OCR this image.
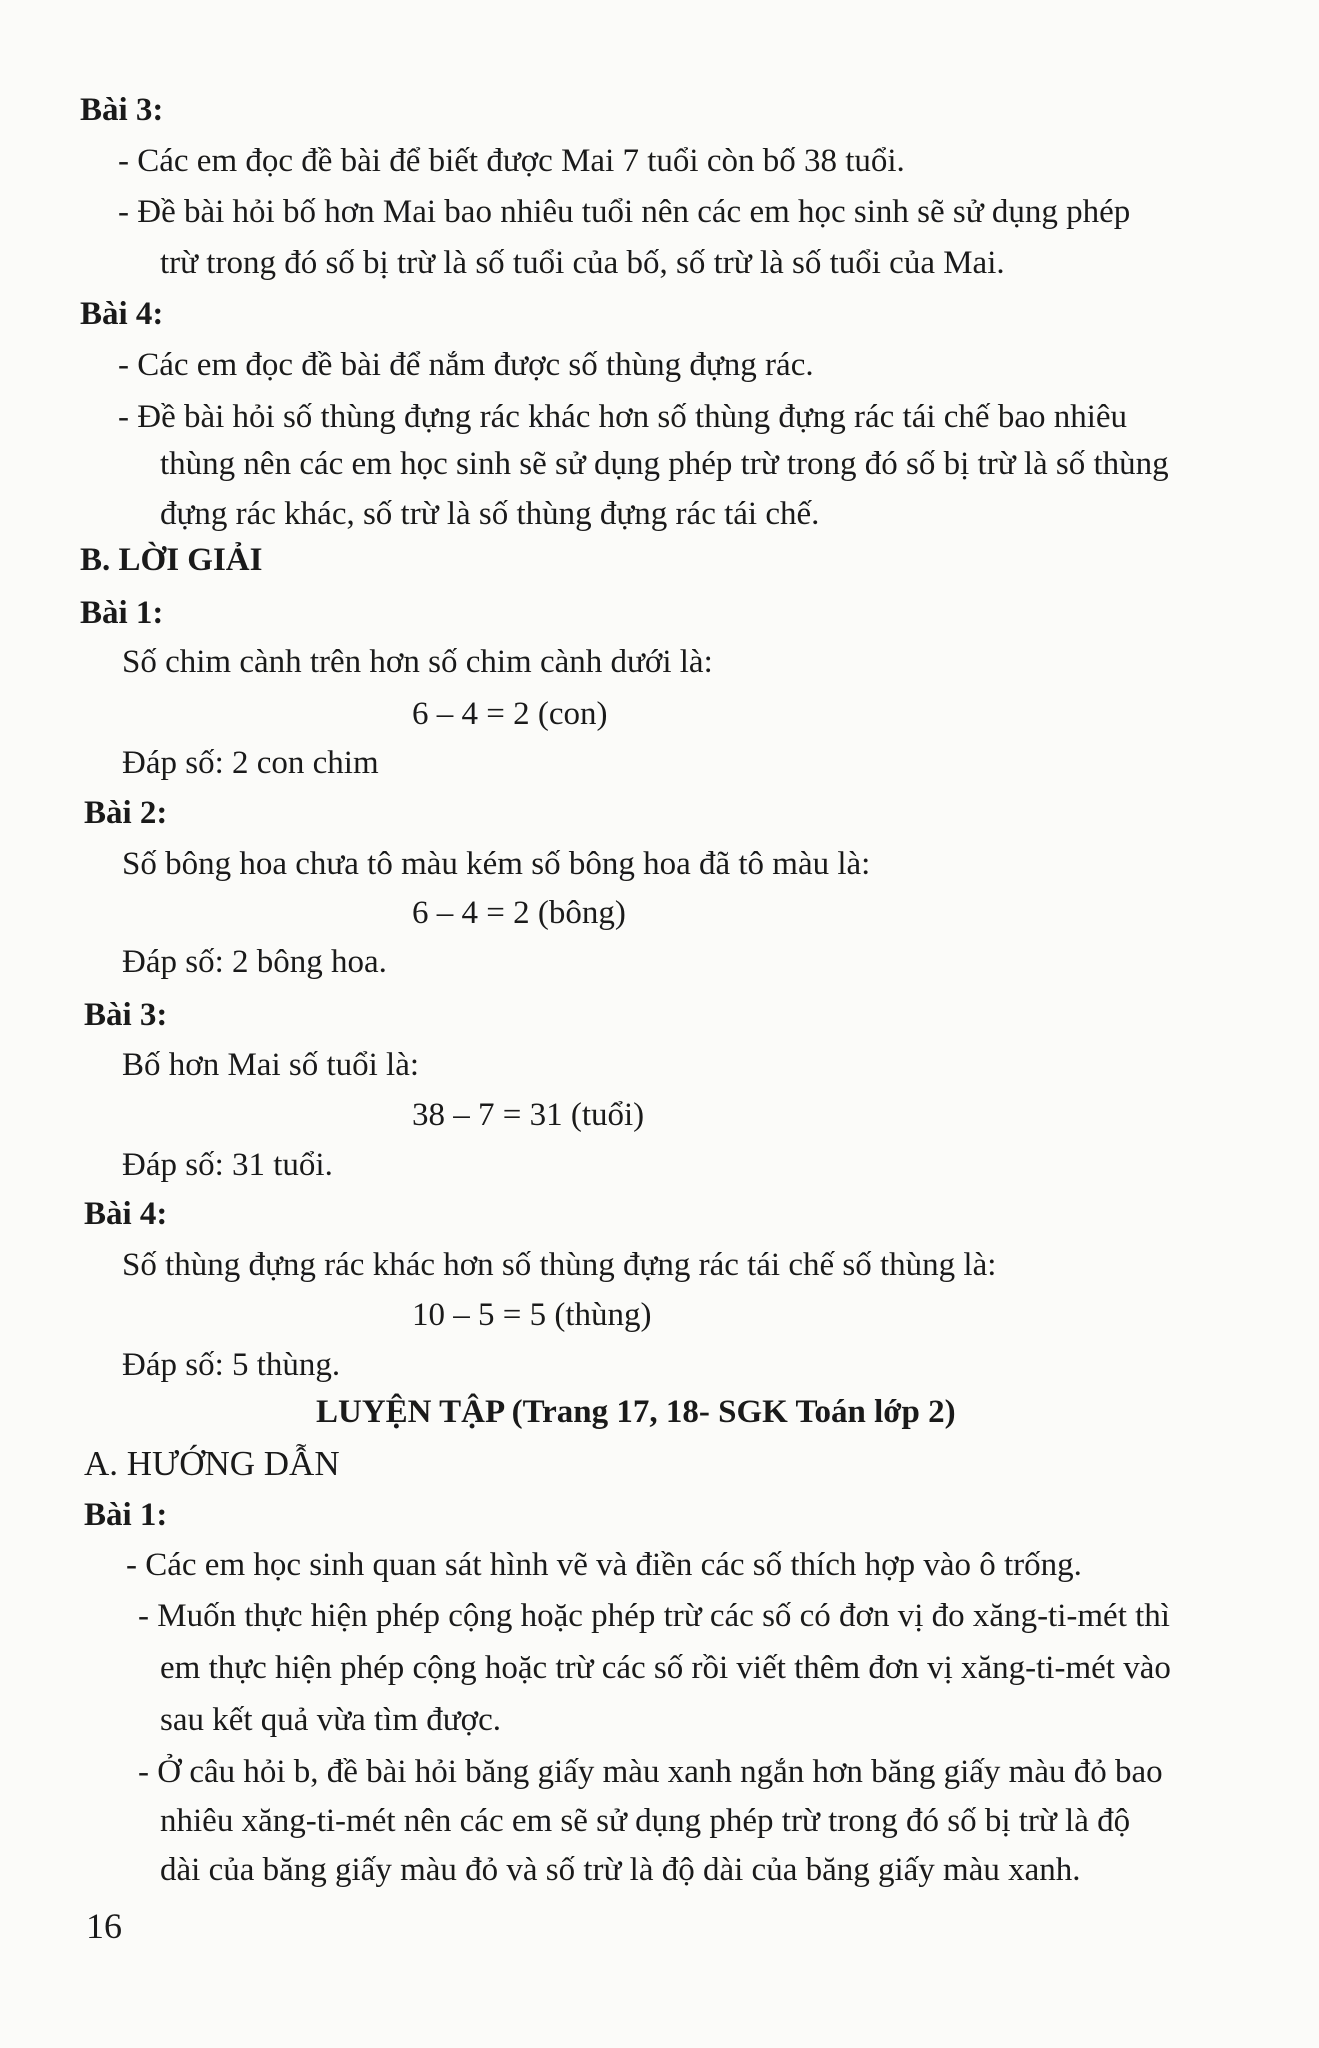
Bài 3:
- Các em đọc đề bài để biết được Mai 7 tuổi còn bố 38 tuổi.
- Đề bài hỏi bố hơn Mai bao nhiêu tuổi nên các em học sinh sẽ sử dụng phép
trừ trong đó số bị trừ là số tuổi của bố, số trừ là số tuổi của Mai.
Bài 4:
- Các em đọc đề bài để nắm được số thùng đựng rác.
- Đề bài hỏi số thùng đựng rác khác hơn số thùng đựng rác tái chế bao nhiêu
thùng nên các em học sinh sẽ sử dụng phép trừ trong đó số bị trừ là số thùng
đựng rác khác, số trừ là số thùng đựng rác tái chế.
B. LỜI GIẢI
Bài 1:
Số chim cành trên hơn số chim cành dưới là:
6 – 4 = 2 (con)
Đáp số: 2 con chim
Bài 2:
Số bông hoa chưa tô màu kém số bông hoa đã tô màu là:
6 – 4 = 2 (bông)
Đáp số: 2 bông hoa.
Bài 3:
Bố hơn Mai số tuổi là:
38 – 7 = 31 (tuổi)
Đáp số: 31 tuổi.
Bài 4:
Số thùng đựng rác khác hơn số thùng đựng rác tái chế số thùng là:
10 – 5 = 5 (thùng)
Đáp số: 5 thùng.
LUYỆN TẬP (Trang 17, 18- SGK Toán lớp 2)
A. HƯỚNG DẪN
Bài 1:
- Các em học sinh quan sát hình vẽ và điền các số thích hợp vào ô trống.
- Muốn thực hiện phép cộng hoặc phép trừ các số có đơn vị đo xăng-ti-mét thì
em thực hiện phép cộng hoặc trừ các số rồi viết thêm đơn vị xăng-ti-mét vào
sau kết quả vừa tìm được.
- Ở câu hỏi b, đề bài hỏi băng giấy màu xanh ngắn hơn băng giấy màu đỏ bao
nhiêu xăng-ti-mét nên các em sẽ sử dụng phép trừ trong đó số bị trừ là độ
dài của băng giấy màu đỏ và số trừ là độ dài của băng giấy màu xanh.
16
